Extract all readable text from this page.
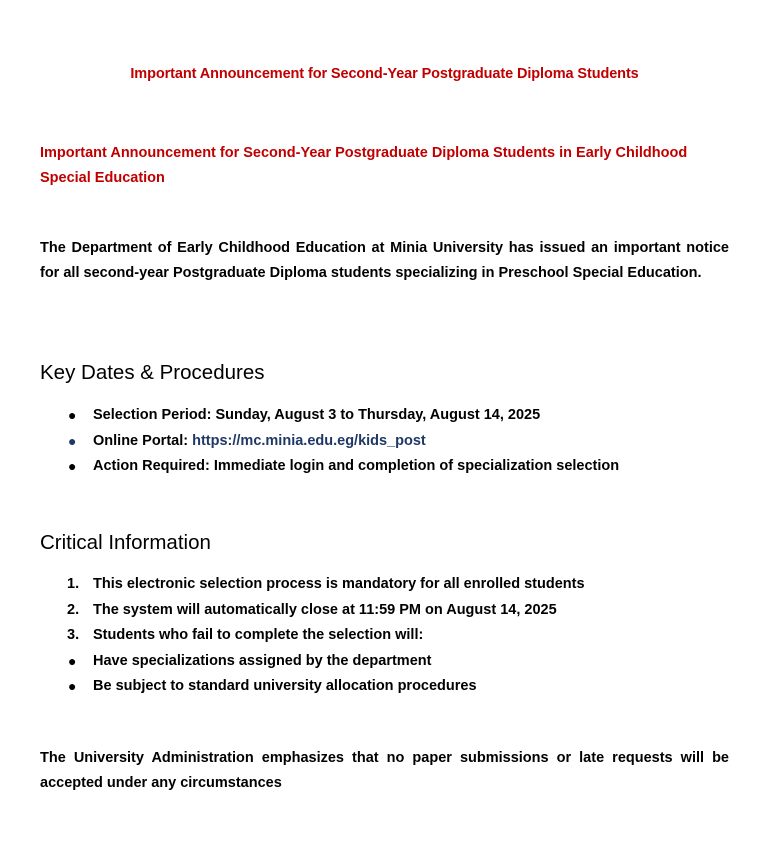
Important Announcement for Second-Year Postgraduate Diploma Students
Important Announcement for Second-Year Postgraduate Diploma Students in Early Childhood Special Education
The Department of Early Childhood Education at Minia University has issued an important notice for all second-year Postgraduate Diploma students specializing in Preschool Special Education.
Key Dates & Procedures
● Selection Period: Sunday, August 3 to Thursday, August 14, 2025
● Online Portal: https://mc.minia.edu.eg/kids_post
● Action Required: Immediate login and completion of specialization selection
Critical Information
1. This electronic selection process is mandatory for all enrolled students
2. The system will automatically close at 11:59 PM on August 14, 2025
3. Students who fail to complete the selection will:
● Have specializations assigned by the department
● Be subject to standard university allocation procedures
The University Administration emphasizes that no paper submissions or late requests will be accepted under any circumstances
